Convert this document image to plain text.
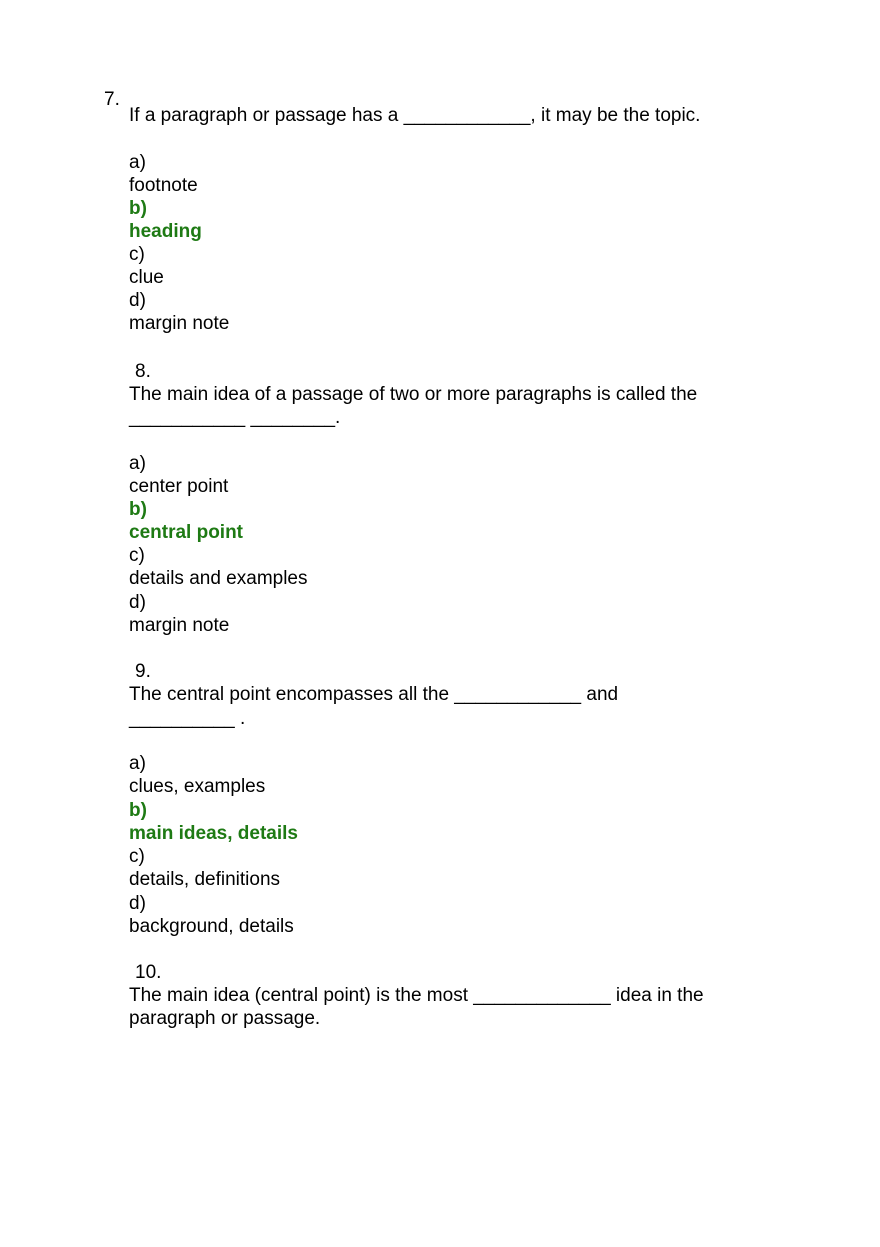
7.
If a paragraph or passage has a ____________, it may be the topic.
a)
footnote
b)
heading
c)
clue
d)
margin note
8.
The main idea of a passage of two or more paragraphs is called the
___________ ________.
a)
center point
b)
central point
c)
details and examples
d)
margin note
9.
The central point encompasses all the ____________ and
__________ .
a)
clues, examples
b)
main ideas, details
c)
details, definitions
d)
background, details
10.
The main idea (central point) is the most _____________ idea in the
paragraph or passage.
